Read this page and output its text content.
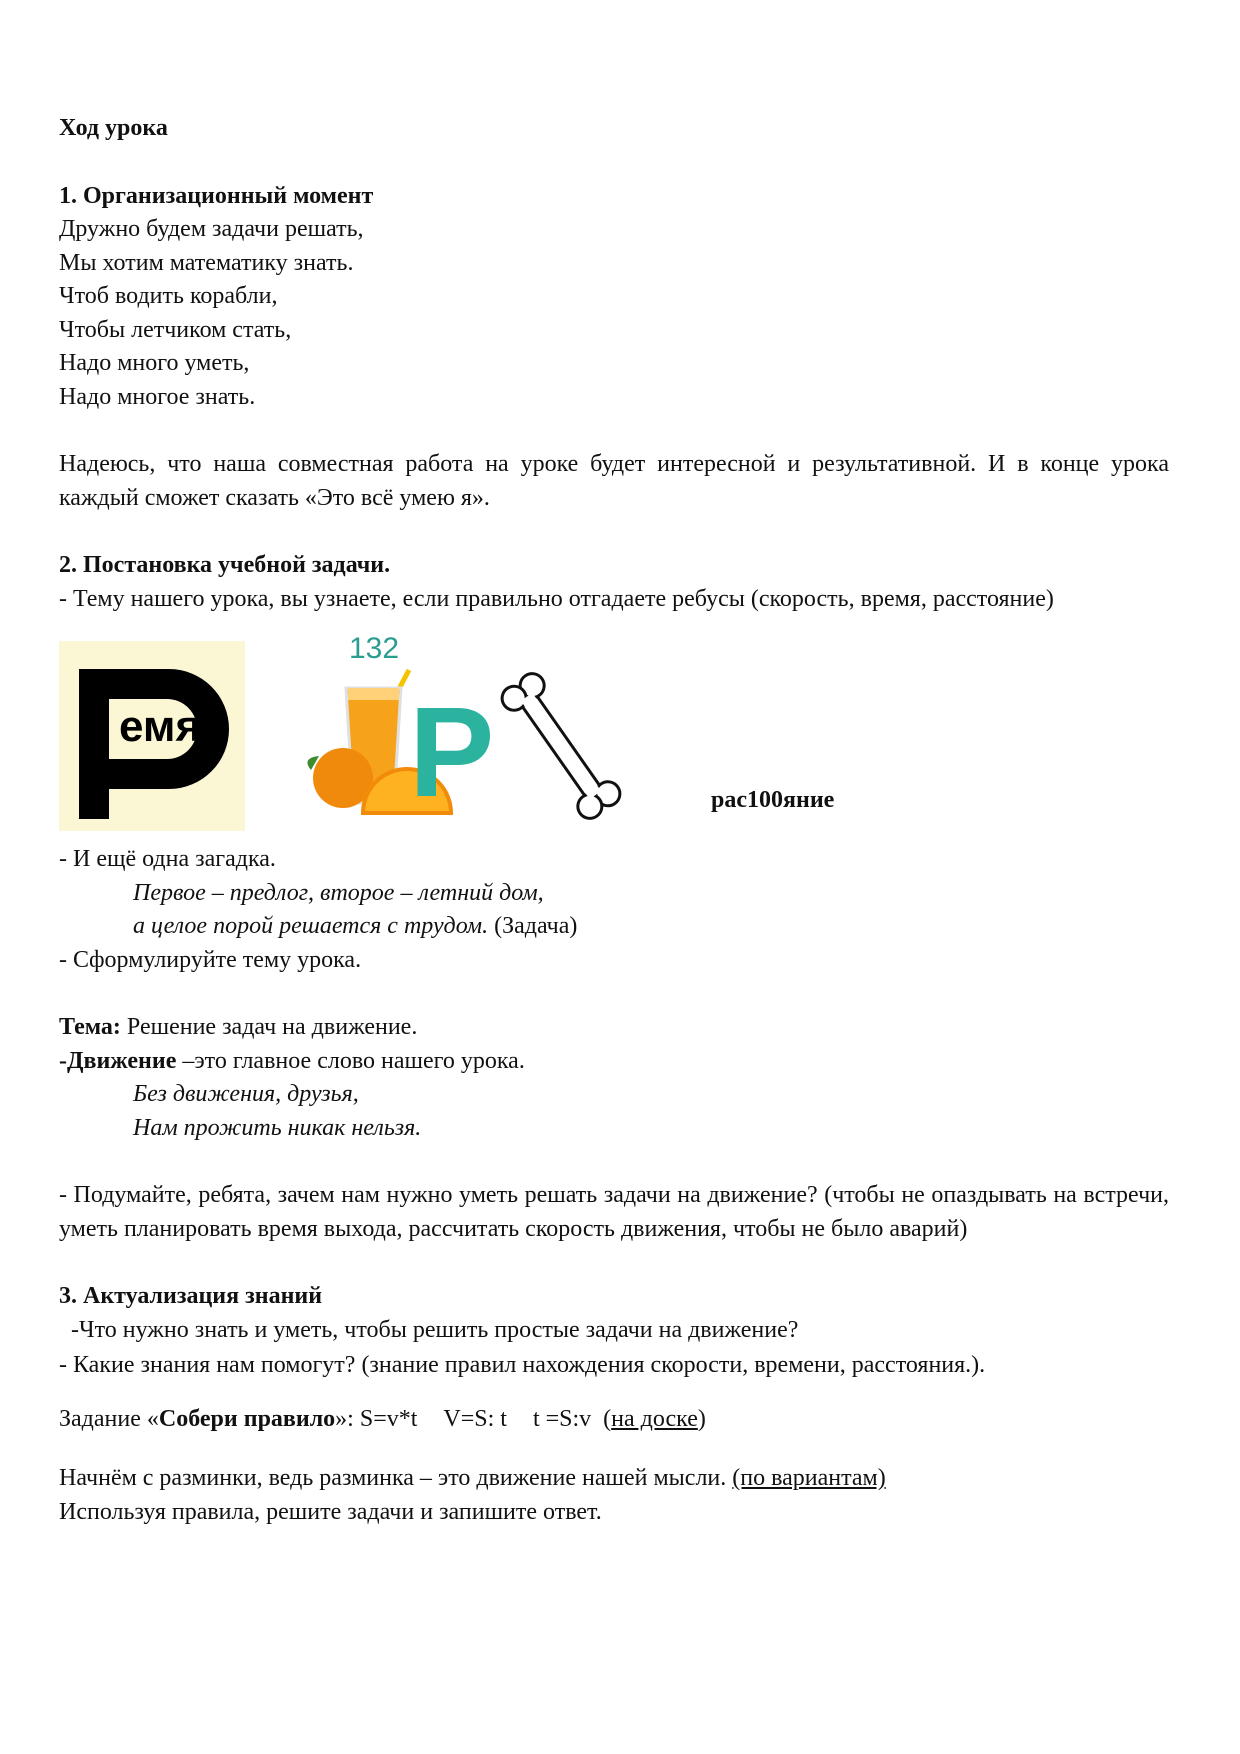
Ход урока

1. Организационный момент

Дружно будем задачи решать,

Мы хотим математику знать.

Чтоб водить корабли,

Чтобы летчиком стать,

Надо много уметь,

Надо многое знать.

Надеюсь, что наша совместная работа на уроке будет интересной и результативной. И в конце урока каждый сможет сказать «Это всё умею я».

2. Постановка учебной задачи.

- Тему нашего урока, вы узнаете, если правильно отгадаете ребусы (скорость, время, расстояние)

Р
емя
132
Р	рас100яние

- И ещё одна загадка.

Первое – предлог, второе – летний дом,

а целое порой решается с трудом. (Задача)

- Сформулируйте тему урока.

Тема: Решение задач на движение.

-Движение –это главное слово нашего урока.

Без движения, друзья,

Нам прожить никак нельзя.

- Подумайте, ребята, зачем нам нужно уметь решать задачи на движение? (чтобы не опаздывать на встречи, уметь планировать время выхода, рассчитать скорость движения, чтобы не было аварий)

3. Актуализация знаний

-Что нужно знать и уметь, чтобы решить простые задачи на движение?

- Какие знания нам помогут? (знание правил нахождения скорости, времени, расстояния.).

Задание «Собери правило»: S=v*t V=S: t t =S:v (на доске)

Начнём с разминки, ведь разминка – это движение нашей мысли. (по вариантам)

Используя правила, решите задачи и запишите ответ.
